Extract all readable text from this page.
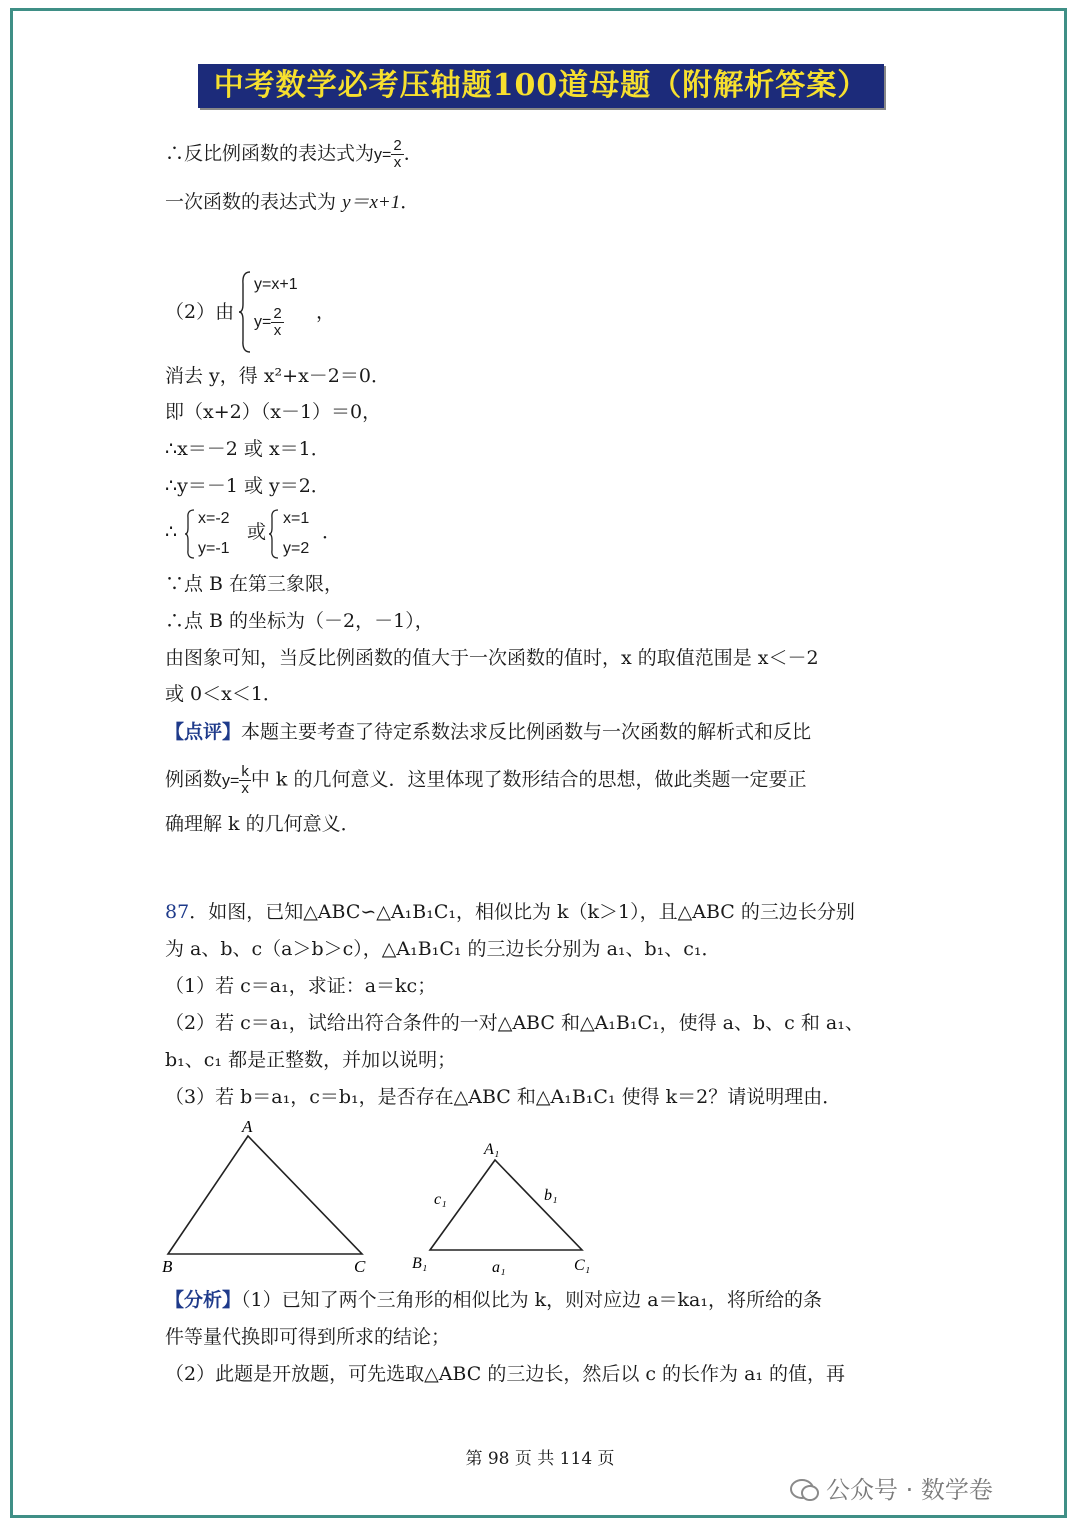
中考数学必考压轴题100道母题（附解析答案）
∴反比例函数的表达式为$y= \frac{2}{x}$ ．
一次函数的表达式为 y＝x+1．
（2）由
y=x+1
$y= \frac{2}{x}$ ，
消去 y，得 x²+x－2＝0．
即（x+2）（x－1）＝0，
∴x＝－2 或 x＝1．
∴y＝－1 或 y＝2．
∴
x=-2
y=-1
或
x=1
y=2
．
∵点 B 在第三象限，
∴点 B 的坐标为（－2，－1），
由图象可知，当反比例函数的值大于一次函数的值时，x 的取值范围是 x＜－2
或 0＜x＜1．
【点评】本题主要考查了待定系数法求反比例函数与一次函数的解析式和反比
例函数$y= \frac{k}{x}$ 中 k 的几何意义．这里体现了数形结合的思想，做此类题一定要正
确理解 k 的几何意义．
87．如图，已知△ABC∽△A₁B₁C₁，相似比为 k（k＞1），且△ABC 的三边长分别
为 a、b、c（a＞b＞c），△A₁B₁C₁ 的三边长分别为 a₁、b₁、c₁．
（1）若 c＝a₁，求证：a＝kc；
（2）若 c＝a₁，试给出符合条件的一对△ABC 和△A₁B₁C₁，使得 a、b、c 和 a₁、
b₁、c₁ 都是正整数，并加以说明；
（3）若 b＝a₁，c＝b₁，是否存在△ABC 和△A₁B₁C₁ 使得 k＝2？请说明理由．
A
B	C
A₁
B₁	C₁
a₁
b₁
c₁
【分析】（1）已知了两个三角形的相似比为 k，则对应边 a＝ka₁，将所给的条
件等量代换即可得到所求的结论；
（2）此题是开放题，可先选取△ABC 的三边长，然后以 c 的长作为 a₁ 的值，再
第 98 页 共 114 页
公众号 · 数学卷
